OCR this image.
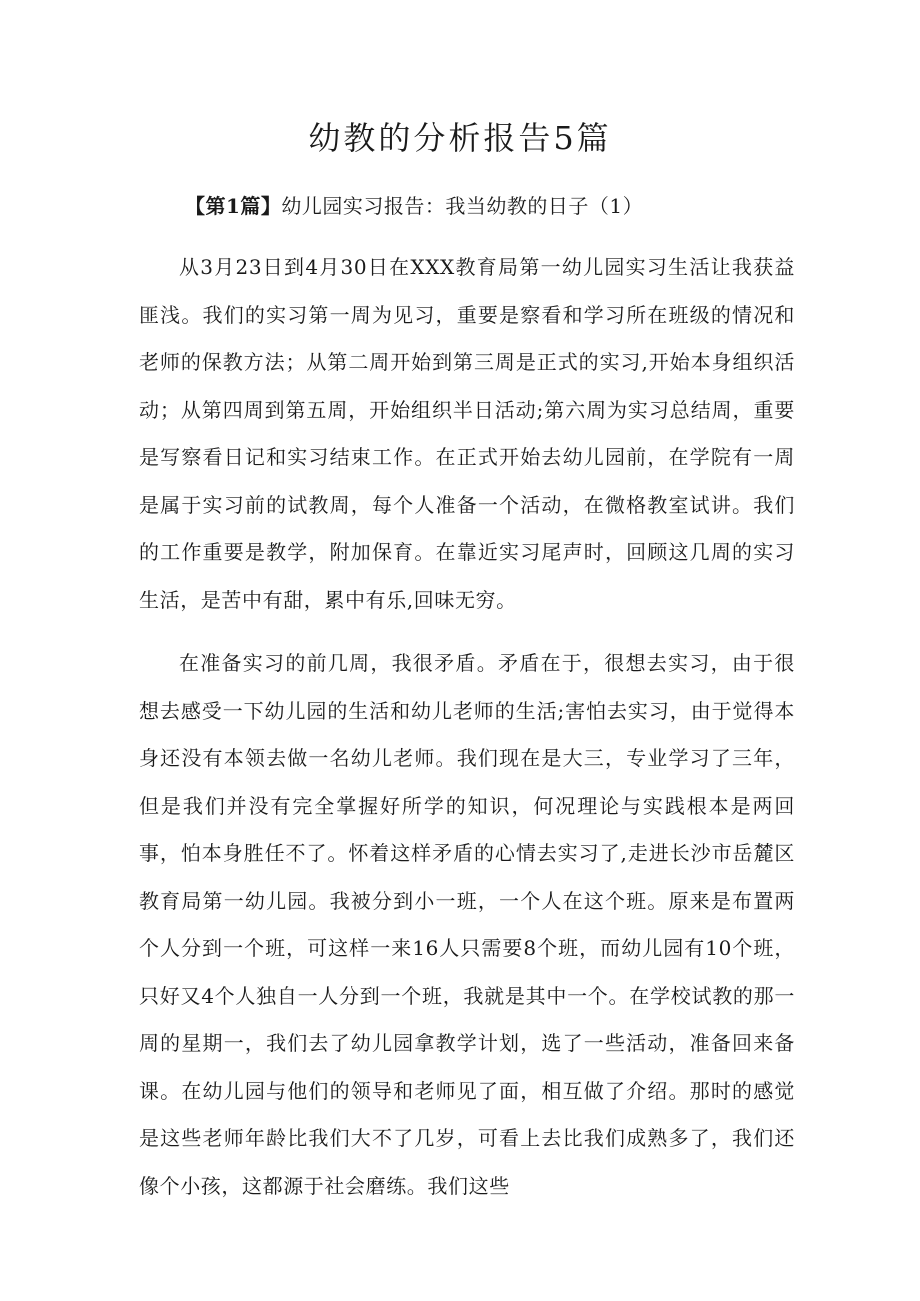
幼教的分析报告5篇

【第1篇】幼儿园实习报告：我当幼教的日子（1）

从3月23日到4月30日在XXX教育局第一幼儿园实习生活让我获益匪浅。我们的实习第一周为见习，重要是察看和学习所在班级的情况和老师的保教方法；从第二周开始到第三周是正式的实习,开始本身组织活动；从第四周到第五周，开始组织半日活动;第六周为实习总结周，重要是写察看日记和实习结束工作。在正式开始去幼儿园前，在学院有一周是属于实习前的试教周，每个人准备一个活动，在微格教室试讲。我们的工作重要是教学，附加保育。在靠近实习尾声时，回顾这几周的实习生活，是苦中有甜，累中有乐,回味无穷。

在准备实习的前几周，我很矛盾。矛盾在于，很想去实习，由于很想去感受一下幼儿园的生活和幼儿老师的生活;害怕去实习，由于觉得本身还没有本领去做一名幼儿老师。我们现在是大三，专业学习了三年，但是我们并没有完全掌握好所学的知识，何况理论与实践根本是两回事，怕本身胜任不了。怀着这样矛盾的心情去实习了,走进长沙市岳麓区教育局第一幼儿园。我被分到小一班，一个人在这个班。原来是布置两个人分到一个班，可这样一来16人只需要8个班，而幼儿园有10个班，只好又4个人独自一人分到一个班，我就是其中一个。在学校试教的那一周的星期一，我们去了幼儿园拿教学计划，选了一些活动，准备回来备课。在幼儿园与他们的领导和老师见了面，相互做了介绍。那时的感觉是这些老师年龄比我们大不了几岁，可看上去比我们成熟多了，我们还像个小孩，这都源于社会磨练。我们这些
